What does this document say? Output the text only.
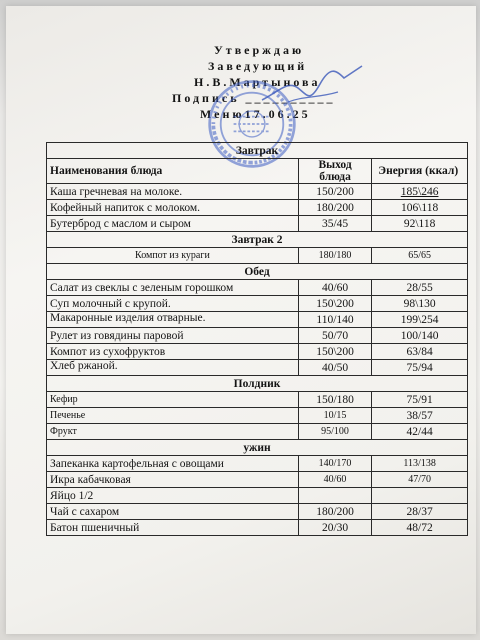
Утверждаю
Заведующий
Н.В.Мартынова
Подпись __________
Меню17.06.25
Завтрак		
Наименования блюда	Выход блюда	Энергия (ккал)
Каша гречневая на молоке.	150/200	185\246
Кофейный напиток с молоком.	180/200	106\118
Бутерброд с маслом и сыром	35/45	92\118
Завтрак 2		
Компот из кураги	180/180	65/65
Обед		
Салат из свеклы с зеленым горошком	40/60	28/55
Суп молочный с крупой.	150\200	98\130
Макаронные изделия отварные.	110/140	199\254
Рулет из говядины паровой	50/70	100/140
Компот из сухофруктов	150\200	63/84
Хлеб ржаной.	40/50	75/94
Полдник		
Кефир	150/180	75/91
Печенье	10/15	38/57
Фрукт	95/100	42/44
ужин		
Запеканка картофельная с овощами	140/170	113/138
Икра кабачковая	40/60	47/70
Яйцо 1/2		
Чай с сахаром	180/200	28/37
Батон пшеничный	20/30	48/72
